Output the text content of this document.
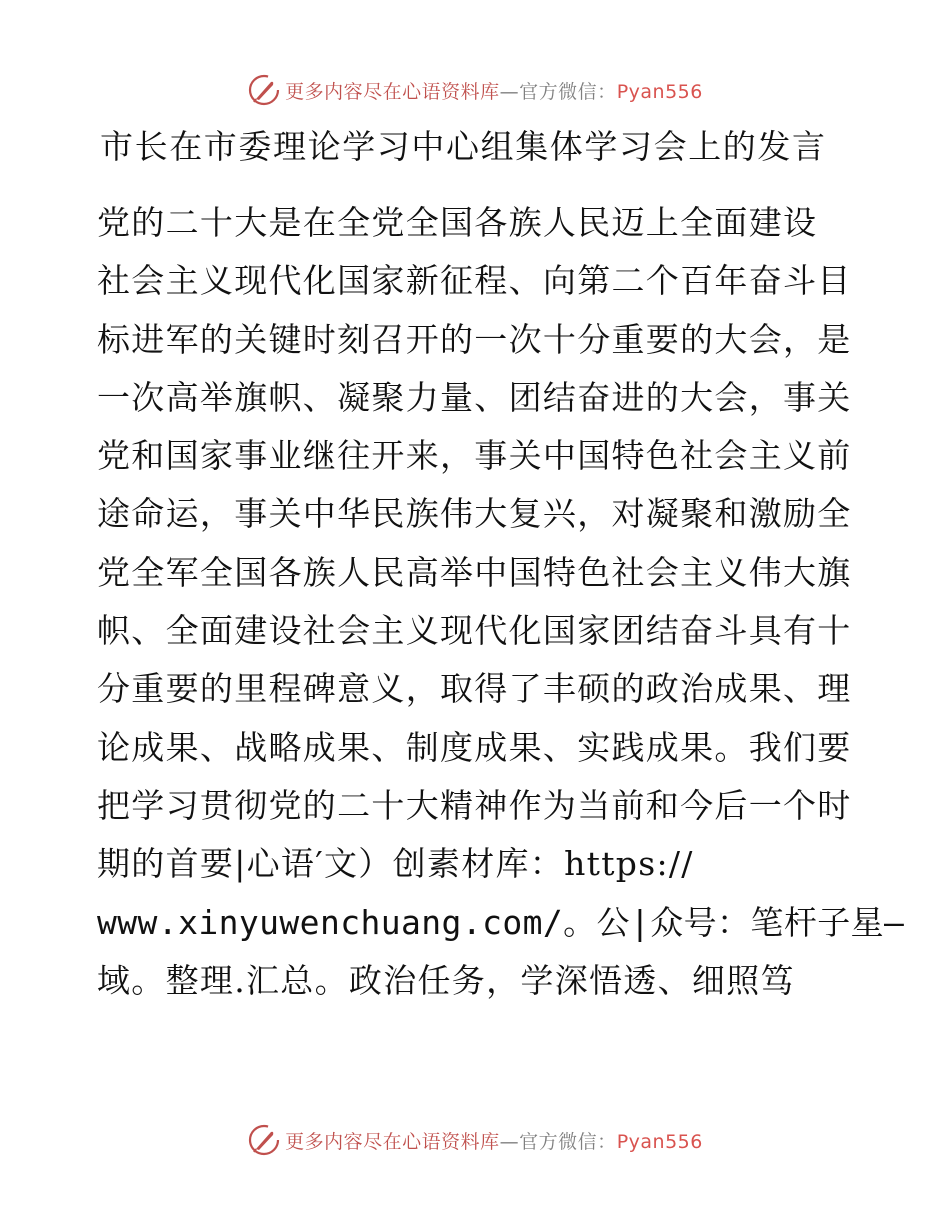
更多内容尽在心语资料库—官方微信：Pyan556
市长在市委理论学习中心组集体学习会上的发言
党的二十大是在全党全国各族人民迈上全面建设
社会主义现代化国家新征程、向第二个百年奋斗目
标进军的关键时刻召开的一次十分重要的大会，是
一次高举旗帜、凝聚力量、团结奋进的大会，事关
党和国家事业继往开来，事关中国特色社会主义前
途命运，事关中华民族伟大复兴，对凝聚和激励全
党全军全国各族人民高举中国特色社会主义伟大旗
帜、全面建设社会主义现代化国家团结奋斗具有十
分重要的里程碑意义，取得了丰硕的政治成果、理
论成果、战略成果、制度成果、实践成果。我们要
把学习贯彻党的二十大精神作为当前和今后一个时
期的首要|心语′文）创素材库：https://
www.xinyuwenchuang.com/。公|众号：笔杆子星—
域。整理.汇总。政治任务，学深悟透、细照笃
更多内容尽在心语资料库—官方微信：Pyan556
